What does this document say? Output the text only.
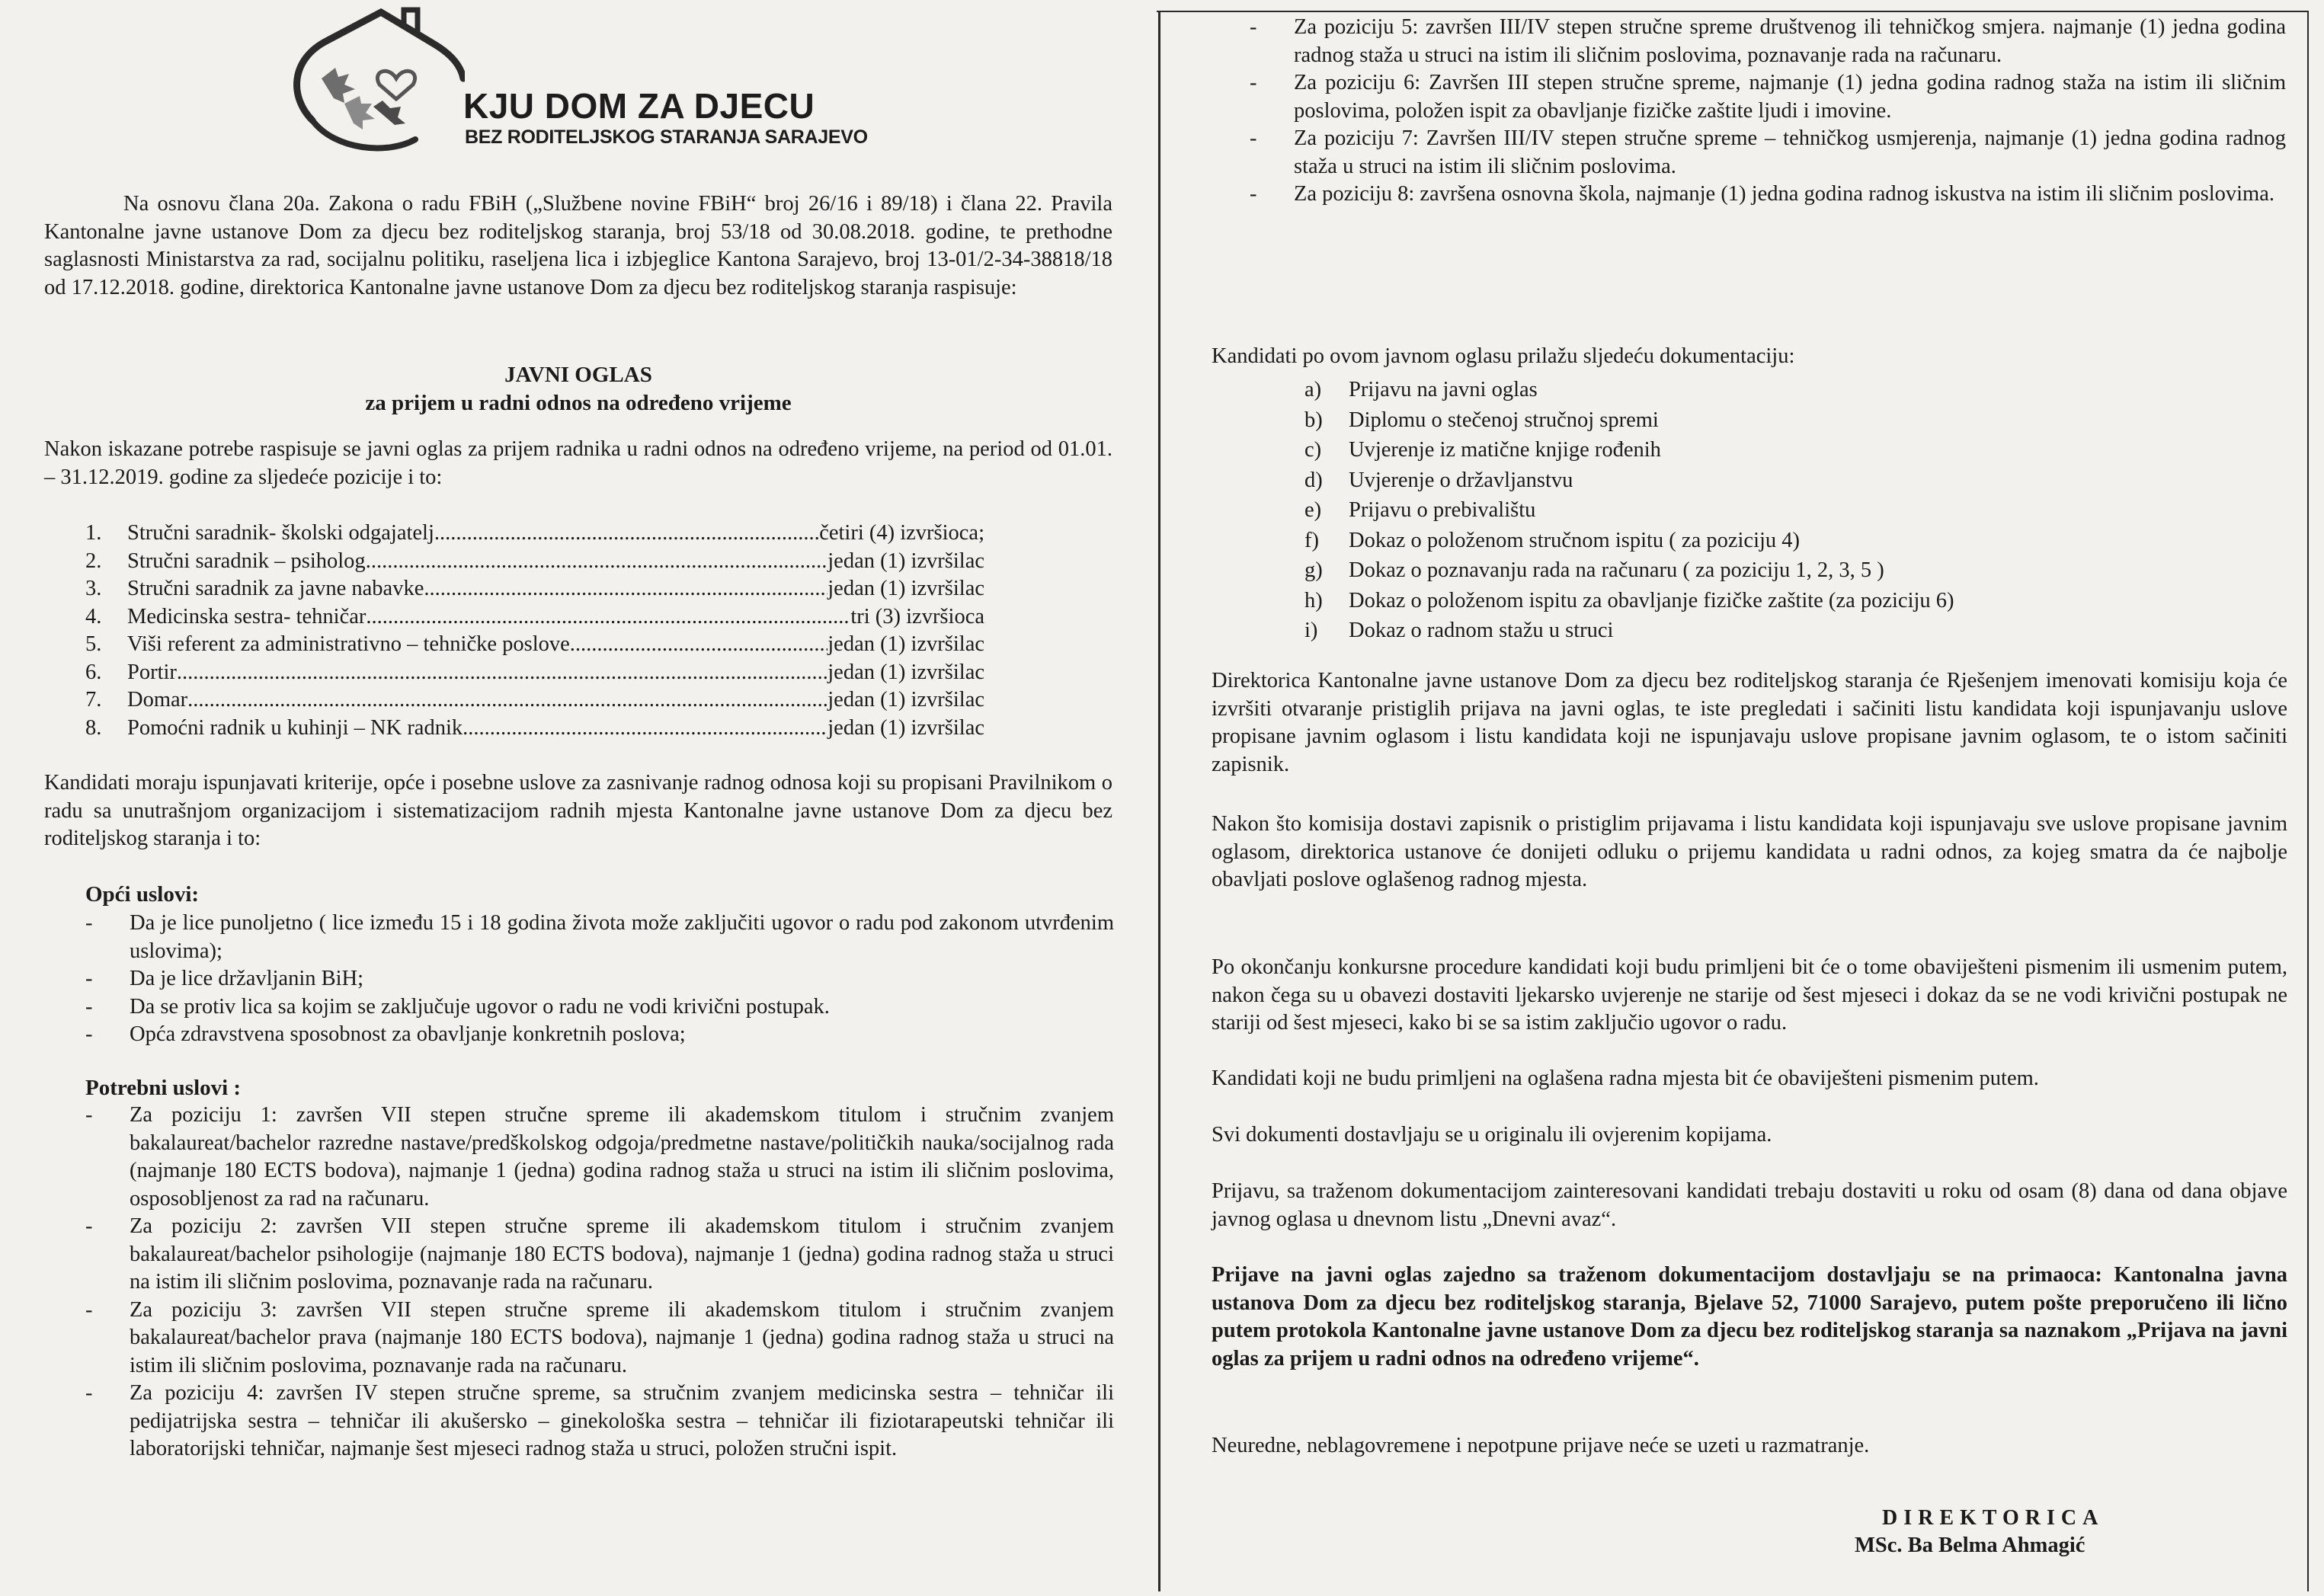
KJU DOM ZA DJECU
BEZ RODITELJSKOG STARANJA SARAJEVO

Na osnovu člana 20a. Zakona o radu FBiH („Službene novine FBiH“ broj 26/16 i 89/18) i člana 22. Pravila Kantonalne javne ustanove Dom za djecu bez roditeljskog staranja, broj 53/18 od 30.08.2018. godine, te prethodne saglasnosti Ministarstva za rad, socijalnu politiku, raseljena lica i izbjeglice Kantona Sarajevo, broj 13-01/2-34-38818/18 od 17.12.2018. godine, direktorica Kantonalne javne ustanove Dom za djecu bez roditeljskog staranja raspisuje:

JAVNI OGLAS
za prijem u radni odnos na određeno vrijeme
Nakon iskazane potrebe raspisuje se javni oglas za prijem radnika u radni odnos na određeno vrijeme, na period od 01.01. – 31.12.2019. godine za sljedeće pozicije i to:
1.	Stručni saradnik- školski odgajatelj .....	četiri (4) izvršioca;
2.	Stručni saradnik – psiholog .....	jedan (1) izvršilac
3.	Stručni saradnik za javne nabavke .....	jedan (1) izvršilac
4.	Medicinska sestra- tehničar .....	tri (3) izvršioca
5.	Viši referent za administrativno – tehničke poslove .....	jedan (1) izvršilac
6.	Portir .....	jedan (1) izvršilac
7.	Domar .....	jedan (1) izvršilac
8.	Pomoćni radnik u kuhinji – NK radnik .....	jedan (1) izvršilac
Kandidati moraju ispunjavati kriterije, opće i posebne uslove za zasnivanje radnog odnosa koji su propisani Pravilnikom o radu sa unutrašnjom organizacijom i sistematizacijom radnih mjesta Kantonalne javne ustanove Dom za djecu bez roditeljskog staranja i to:
Opći uslovi:
- Da je lice punoljetno ( lice između 15 i 18 godina života može zaključiti ugovor o radu pod zakonom utvrđenim uslovima);
- Da je lice državljanin BiH;
- Da se protiv lica sa kojim se zaključuje ugovor o radu ne vodi krivični postupak.
- Opća zdravstvena sposobnost za obavljanje konkretnih poslova;
Potrebni uslovi :
- Za poziciju 1: završen VII stepen stručne spreme ili akademskom titulom i stručnim zvanjem bakalaureat/bachelor razredne nastave/predškolskog odgoja/predmetne nastave/političkih nauka/socijalnog rada (najmanje 180 ECTS bodova), najmanje 1 (jedna) godina radnog staža u struci na istim ili sličnim poslovima, osposobljenost za rad na računaru.
- Za poziciju 2: završen VII stepen stručne spreme ili akademskom titulom i stručnim zvanjem bakalaureat/bachelor psihologije (najmanje 180 ECTS bodova), najmanje 1 (jedna) godina radnog staža u struci na istim ili sličnim poslovima, poznavanje rada na računaru.
- Za poziciju 3: završen VII stepen stručne spreme ili akademskom titulom i stručnim zvanjem bakalaureat/bachelor prava (najmanje 180 ECTS bodova), najmanje 1 (jedna) godina radnog staža u struci na istim ili sličnim poslovima, poznavanje rada na računaru.
- Za poziciju 4: završen IV stepen stručne spreme, sa stručnim zvanjem medicinska sestra – tehničar ili pedijatrijska sestra – tehničar ili akušersko – ginekološka sestra – tehničar ili fiziotarapeutski tehničar ili laboratorijski tehničar, najmanje šest mjeseci radnog staža u struci, položen stručni ispit.
- Za poziciju 5: završen III/IV stepen stručne spreme društvenog ili tehničkog smjera. najmanje (1) jedna godina radnog staža u struci na istim ili sličnim poslovima, poznavanje rada na računaru.
- Za poziciju 6: Završen III stepen stručne spreme, najmanje (1) jedna godina radnog staža na istim ili sličnim poslovima, položen ispit za obavljanje fizičke zaštite ljudi i imovine.
- Za poziciju 7: Završen III/IV stepen stručne spreme – tehničkog usmjerenja, najmanje (1) jedna godina radnog staža u struci na istim ili sličnim poslovima.
- Za poziciju 8: završena osnovna škola, najmanje (1) jedna godina radnog iskustva na istim ili sličnim poslovima.
Kandidati po ovom javnom oglasu prilažu sljedeću dokumentaciju:
a)	Prijavu na javni oglas
b)	Diplomu o stečenoj stručnoj spremi
c)	Uvjerenje iz matične knjige rođenih
d)	Uvjerenje o državljanstvu
e)	Prijavu o prebivalištu
f)	Dokaz o položenom stručnom ispitu ( za poziciju 4)
g)	Dokaz o poznavanju rada na računaru ( za poziciju 1, 2, 3, 5 )
h)	Dokaz o položenom ispitu za obavljanje fizičke zaštite (za poziciju 6)
i)	Dokaz o radnom stažu u struci
Direktorica Kantonalne javne ustanove Dom za djecu bez roditeljskog staranja će Rješenjem imenovati komisiju koja će izvršiti otvaranje pristiglih prijava na javni oglas, te iste pregledati i sačiniti listu kandidata koji ispunjavanju uslove propisane javnim oglasom i listu kandidata koji ne ispunjavaju uslove propisane javnim oglasom, te o istom sačiniti zapisnik.
Nakon što komisija dostavi zapisnik o pristiglim prijavama i listu kandidata koji ispunjavaju sve uslove propisane javnim oglasom, direktorica ustanove će donijeti odluku o prijemu kandidata u radni odnos, za kojeg smatra da će najbolje obavljati poslove oglašenog radnog mjesta.
Po okončanju konkursne procedure kandidati koji budu primljeni bit će o tome obaviješteni pismenim ili usmenim putem, nakon čega su u obavezi dostaviti ljekarsko uvjerenje ne starije od šest mjeseci i dokaz da se ne vodi krivični postupak ne stariji od šest mjeseci, kako bi se sa istim zaključio ugovor o radu.
Kandidati koji ne budu primljeni na oglašena radna mjesta bit će obaviješteni pismenim putem.
Svi dokumenti dostavljaju se u originalu ili ovjerenim kopijama.
Prijavu, sa traženom dokumentacijom zainteresovani kandidati trebaju dostaviti u roku od osam (8) dana od dana objave javnog oglasa u dnevnom listu „Dnevni avaz“.
Prijave na javni oglas zajedno sa traženom dokumentacijom dostavljaju se na primaoca: Kantonalna javna ustanova Dom za djecu bez roditeljskog staranja, Bjelave 52, 71000 Sarajevo, putem pošte preporučeno ili lično putem protokola Kantonalne javne ustanove Dom za djecu bez roditeljskog staranja sa naznakom „Prijava na javni oglas za prijem u radni odnos na određeno vrijeme“.
Neuredne, neblagovremene i nepotpune prijave neće se uzeti u razmatranje.
DIREKTORICA
MSc. Ba Belma Ahmagić
